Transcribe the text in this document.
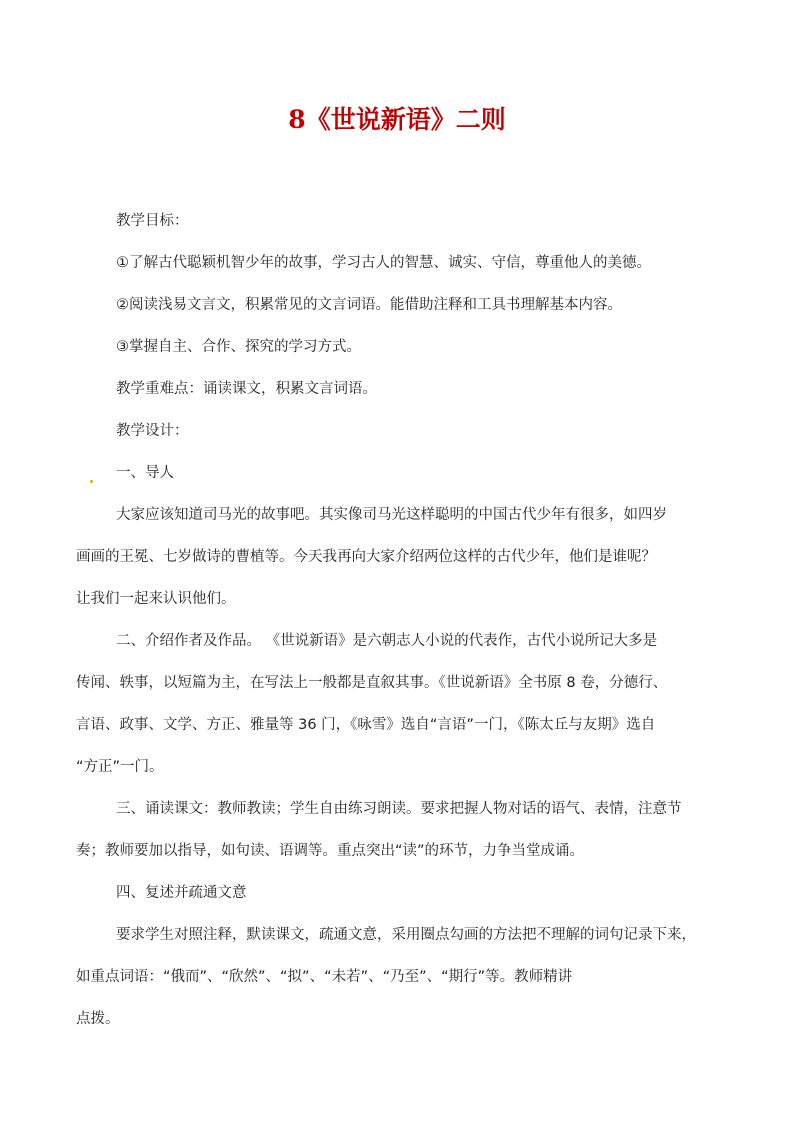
8《世说新语》二则
教学目标：
①了解古代聪颖机智少年的故事，学习古人的智慧、诚实、守信，尊重他人的美德。
②阅读浅易文言文，积累常见的文言词语。能借助注释和工具书理解基本内容。
③掌握自主、合作、探究的学习方式。
教学重难点：诵读课文，积累文言词语。
教学设计：
一、导人
大家应该知道司马光的故事吧。其实像司马光这样聪明的中国古代少年有很多，如四岁
画画的王冕、七岁做诗的曹植等。今天我再向大家介绍两位这样的古代少年，他们是谁呢？
让我们一起来认识他们。
二、介绍作者及作品。 《世说新语》是六朝志人小说的代表作，古代小说所记大多是
传闻、轶事，以短篇为主，在写法上一般都是直叙其事。《世说新语》全书原 8 卷，分德行、
言语、政事、文学、方正、雅量等 36 门，《咏雪》选自“言语”一门，《陈太丘与友期》选自
“方正”一门。
三、诵读课文：教师教读；学生自由练习朗读。要求把握人物对话的语气、表情，注意节
奏；教师要加以指导，如句读、语调等。重点突出“读”的环节，力争当堂成诵。
四、复述并疏通文意
要求学生对照注释，默读课文，疏通文意，采用圈点勾画的方法把不理解的词句记录下来，
如重点词语：“俄而”、“欣然”、“拟”、“未若”、“乃至”、“期行”等。教师精讲
点拨。
